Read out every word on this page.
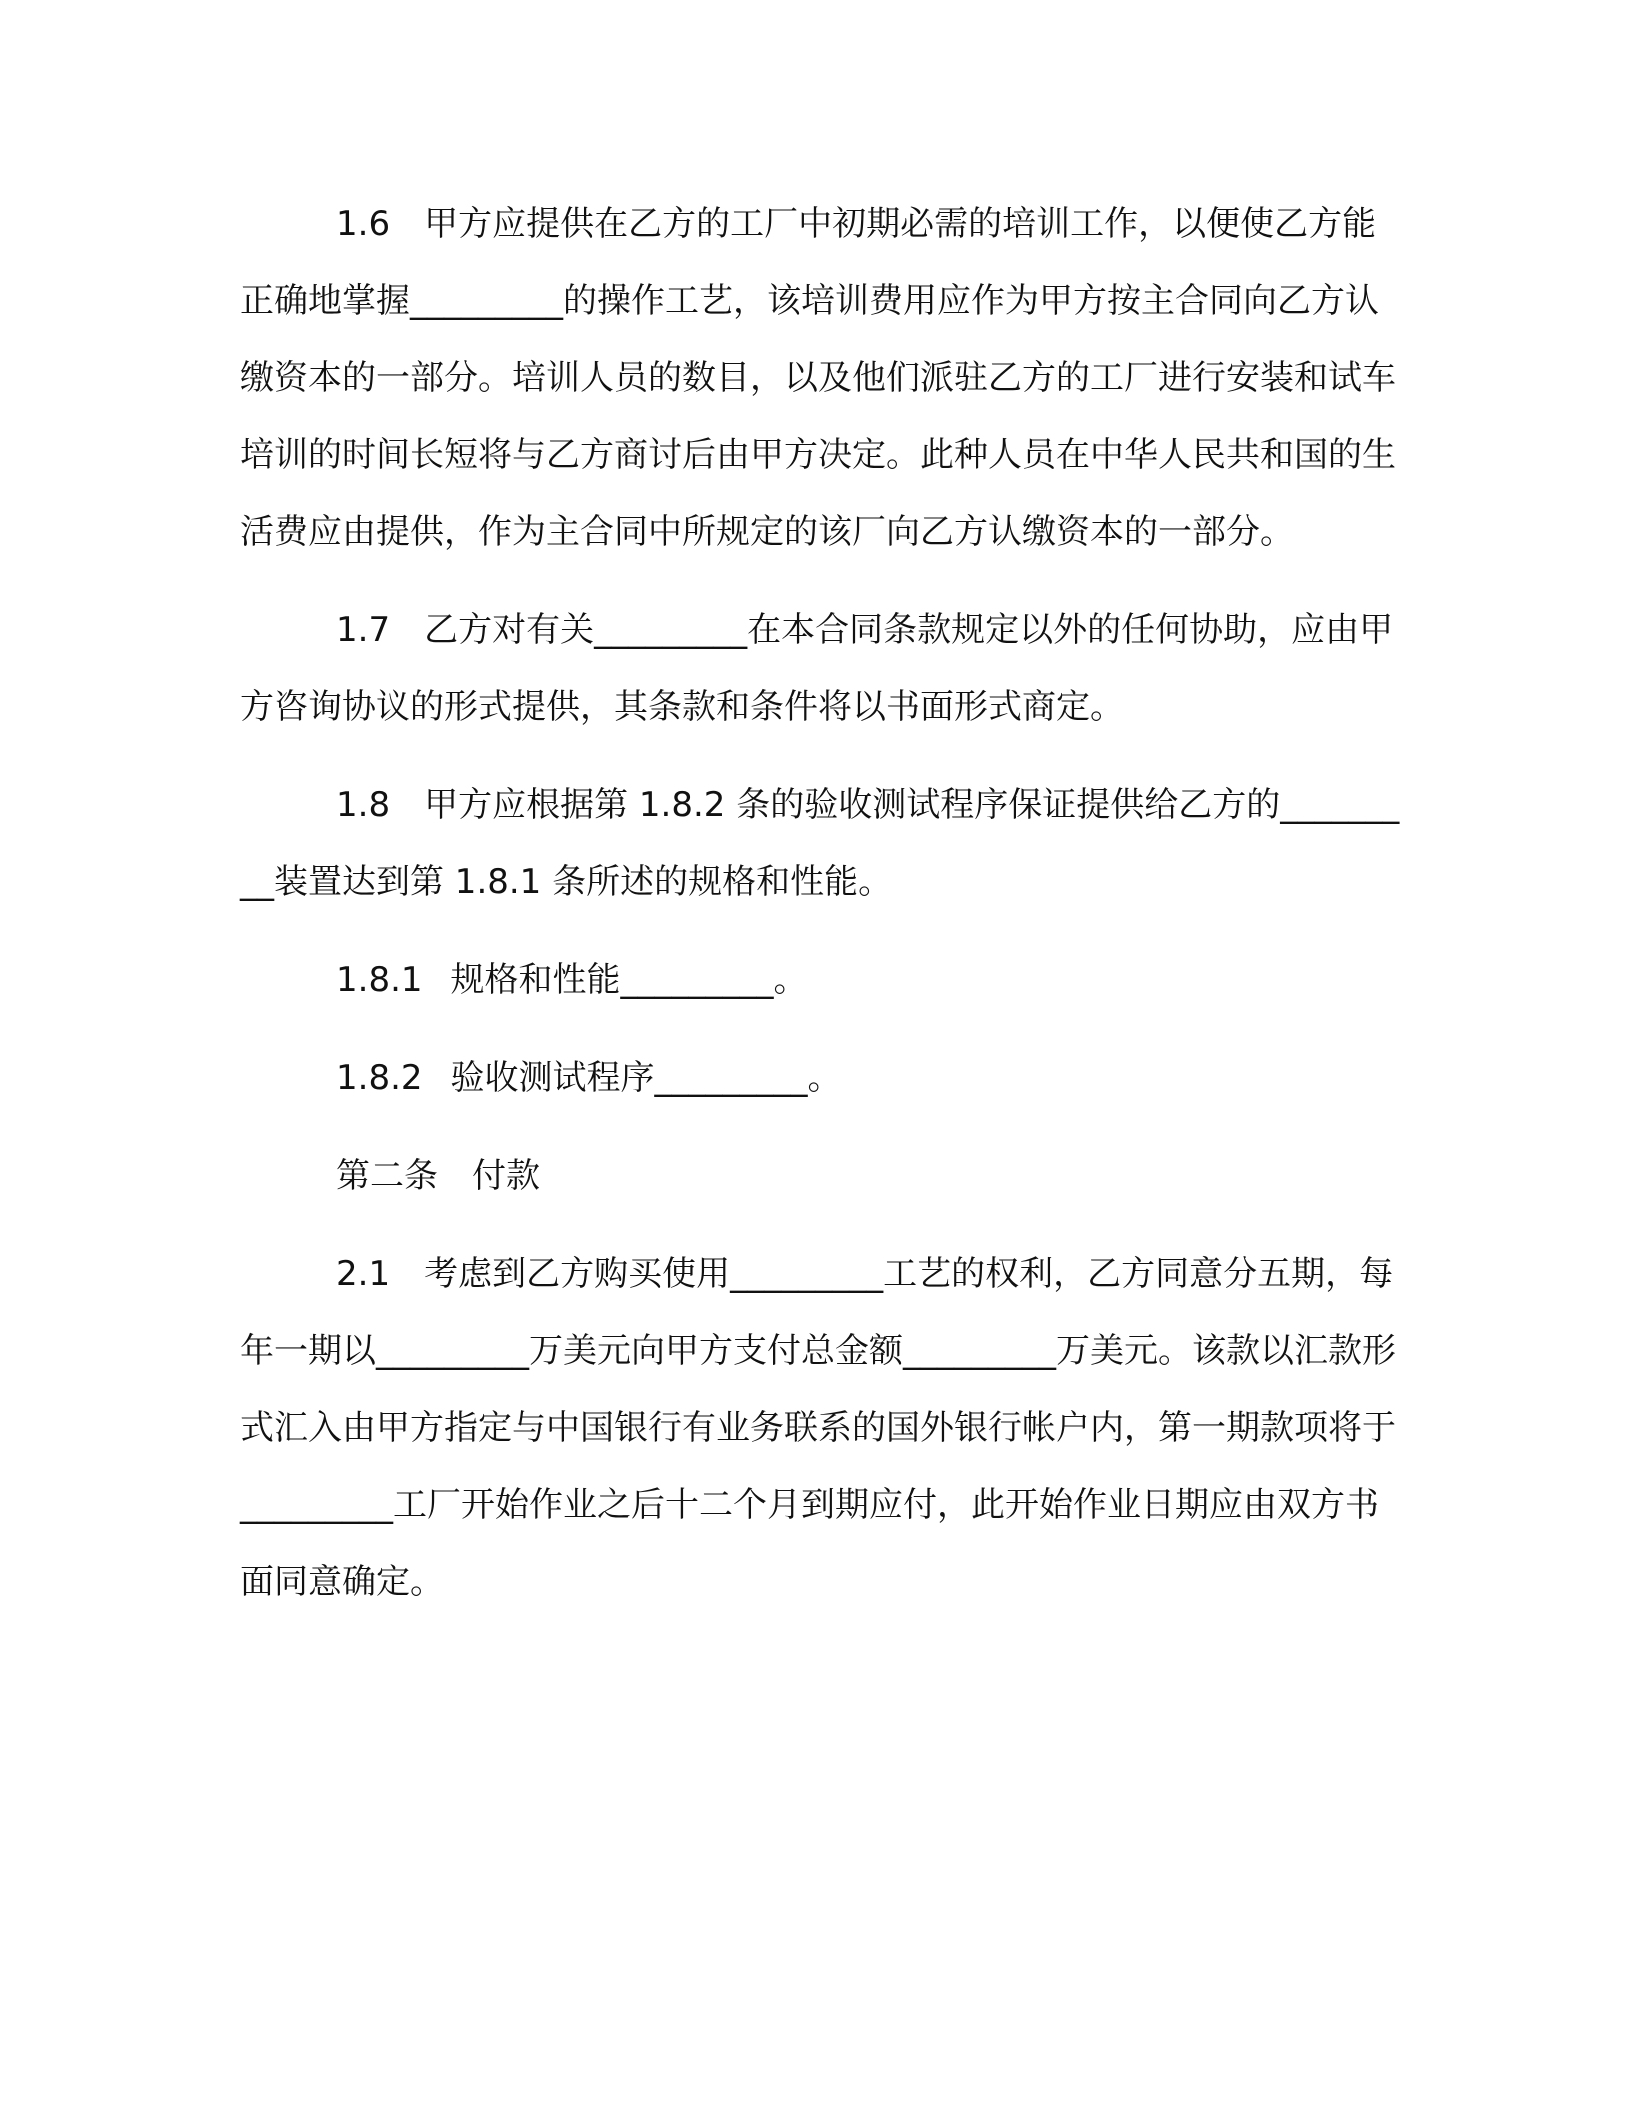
1.6 甲方应提供在乙方的工厂中初期必需的培训工作，以便使乙方能正确地掌握_________的操作工艺，该培训费用应作为甲方按主合同向乙方认缴资本的一部分。培训人员的数目，以及他们派驻乙方的工厂进行安装和试车培训的时间长短将与乙方商讨后由甲方决定。此种人员在中华人民共和国的生活费应由提供，作为主合同中所规定的该厂向乙方认缴资本的一部分。

1.7 乙方对有关_________在本合同条款规定以外的任何协助，应由甲方咨询协议的形式提供，其条款和条件将以书面形式商定。

1.8 甲方应根据第 1.8.2 条的验收测试程序保证提供给乙方的_________装置达到第 1.8.1 条所述的规格和性能。

1.8.1 规格和性能_________。

1.8.2 验收测试程序_________。

第二条 付款

2.1 考虑到乙方购买使用_________工艺的权利，乙方同意分五期，每年一期以_________万美元向甲方支付总金额_________万美元。该款以汇款形式汇入由甲方指定与中国银行有业务联系的国外银行帐户内，第一期款项将于_________工厂开始作业之后十二个月到期应付，此开始作业日期应由双方书面同意确定。
